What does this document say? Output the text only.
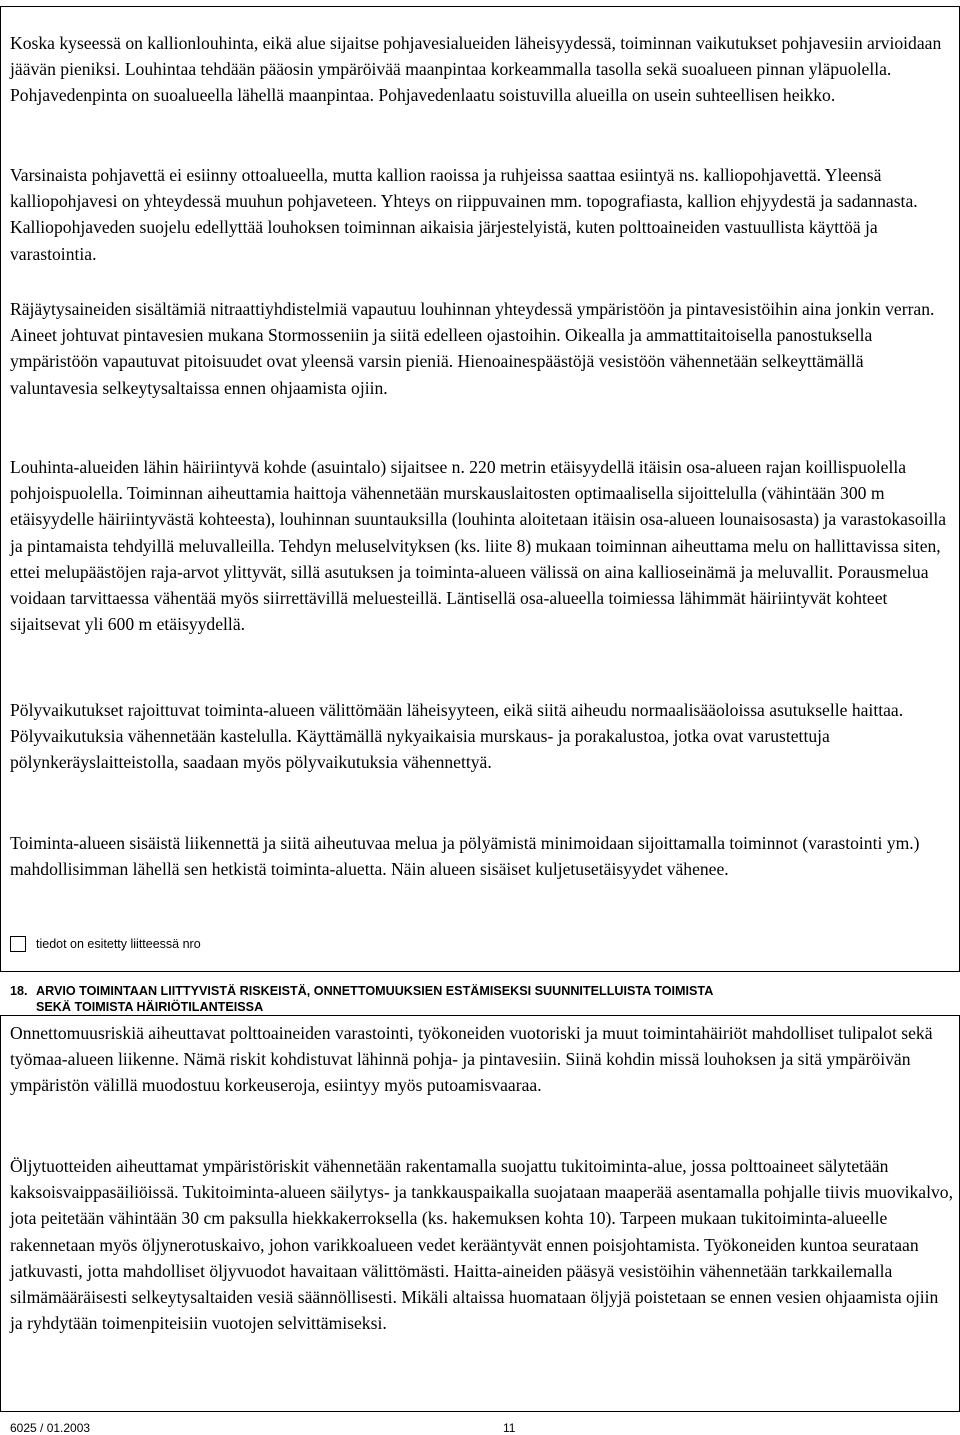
Koska kyseessä on kallionlouhinta, eikä alue sijaitse pohjavesialueiden läheisyydessä, toiminnan vaikutukset pohjavesiin arvioidaan jäävän pieniksi. Louhintaa tehdään pääosin ympäröivää maanpintaa korkeammalla tasolla sekä suoalueen pinnan yläpuolella. Pohjavedenpinta on suoalueella lähellä maanpintaa. Pohjavedenlaatu soistuvilla alueilla on usein suhteellisen heikko.

Varsinaista pohjavettä ei esiinny ottoalueella, mutta kallion raoissa ja ruhjeissa saattaa esiintyä ns. kalliopohjavettä. Yleensä kalliopohjavesi on yhteydessä muuhun pohjaveteen. Yhteys on riippuvainen mm. topografiasta, kallion ehjyydestä ja sadannasta. Kalliopohjaveden suojelu edellyttää louhoksen toiminnan aikaisia järjestelyistä, kuten polttoaineiden vastuullista käyttöä ja varastointia.

Räjäytysaineiden sisältämiä nitraattiyhdistelmiä vapautuu louhinnan yhteydessä ympäristöön ja pintavesistöihin aina jonkin verran. Aineet johtuvat pintavesien mukana Stormosseniin ja siitä edelleen ojastoihin. Oikealla ja ammattitaitoisella panostuksella ympäristöön vapautuvat pitoisuudet ovat yleensä varsin pieniä. Hienoainespäästöjä vesistöön vähennetään selkeyttämällä valuntavesia selkeytysaltaissa ennen ohjaamista ojiin.

Louhinta-alueiden lähin häiriintyvä kohde (asuintalo) sijaitsee n. 220 metrin etäisyydellä itäisin osa-alueen rajan koillispuolella pohjoispuolella. Toiminnan aiheuttamia haittoja vähennetään murskauslaitosten optimaalisella sijoittelulla (vähintään 300 m etäisyydelle häiriintyvästä kohteesta), louhinnan suuntauksilla (louhinta aloitetaan itäisin osa-alueen lounaisosasta) ja varastokasoilla ja pintamaista tehdyillä meluvalleilla. Tehdyn meluselvityksen (ks. liite 8) mukaan toiminnan aiheuttama melu on hallittavissa siten, ettei melupäästöjen raja-arvot ylittyvät, sillä asutuksen ja toiminta-alueen välissä on aina kallioseinämä ja meluvallit. Porausmelua voidaan tarvittaessa vähentää myös siirrettävillä meluesteillä. Läntisellä osa-alueella toimiessa lähimmät häiriintyvät kohteet sijaitsevat yli 600 m etäisyydellä.

Pölyvaikutukset rajoittuvat toiminta-alueen välittömään läheisyyteen, eikä siitä aiheudu normaalisääoloissa asutukselle haittaa. Pölyvaikutuksia vähennetään kastelulla. Käyttämällä nykyaikaisia murskaus- ja porakalustoa, jotka ovat varustettuja pölynkeräyslaitteistolla, saadaan myös pölyvaikutuksia vähennettyä.

Toiminta-alueen sisäistä liikennettä ja siitä aiheutuvaa melua ja pölyämistä minimoidaan sijoittamalla toiminnot (varastointi ym.) mahdollisimman lähellä sen hetkistä toiminta-aluetta. Näin alueen sisäiset kuljetusetäisyydet vähenee.

tiedot on esitetty liitteessä nro
18. ARVIO TOIMINTAAN LIITTYVISTÄ RISKEISTÄ, ONNETTOMUUKSIEN ESTÄMISEKSI SUUNNITELLUISTA TOIMISTA
SEKÄ TOIMISTA HÄIRIÖTILANTEISSA

Onnettomuusriskiä aiheuttavat polttoaineiden varastointi, työkoneiden vuotoriski ja muut toimintahäiriöt mahdolliset tulipalot sekä työmaa-alueen liikenne. Nämä riskit kohdistuvat lähinnä pohja- ja pintavesiin. Siinä kohdin missä louhoksen ja sitä ympäröivän ympäristön välillä muodostuu korkeuseroja, esiintyy myös putoamisvaaraa.

Öljytuotteiden aiheuttamat ympäristöriskit vähennetään rakentamalla suojattu tukitoiminta-alue, jossa polttoaineet sälytetään kaksoisvaippasäiliöissä. Tukitoiminta-alueen säilytys- ja tankkauspaikalla suojataan maaperää asentamalla pohjalle tiivis muovikalvo, jota peitetään vähintään 30 cm paksulla hiekkakerroksella (ks. hakemuksen kohta 10). Tarpeen mukaan tukitoiminta-alueelle rakennetaan myös öljynerotuskaivo, johon varikkoalueen vedet kerääntyvät ennen poisjohtamista. Työkoneiden kuntoa seurataan jatkuvasti, jotta mahdolliset öljyvuodot havaitaan välittömästi. Haitta-aineiden pääsyä vesistöihin vähennetään tarkkailemalla silmämääräisesti selkeytysaltaiden vesiä säännöllisesti. Mikäli altaissa huomataan öljyjä poistetaan se ennen vesien ohjaamista ojiin ja ryhdytään toimenpiteisiin vuotojen selvittämiseksi.

6025 / 01.2003	11
